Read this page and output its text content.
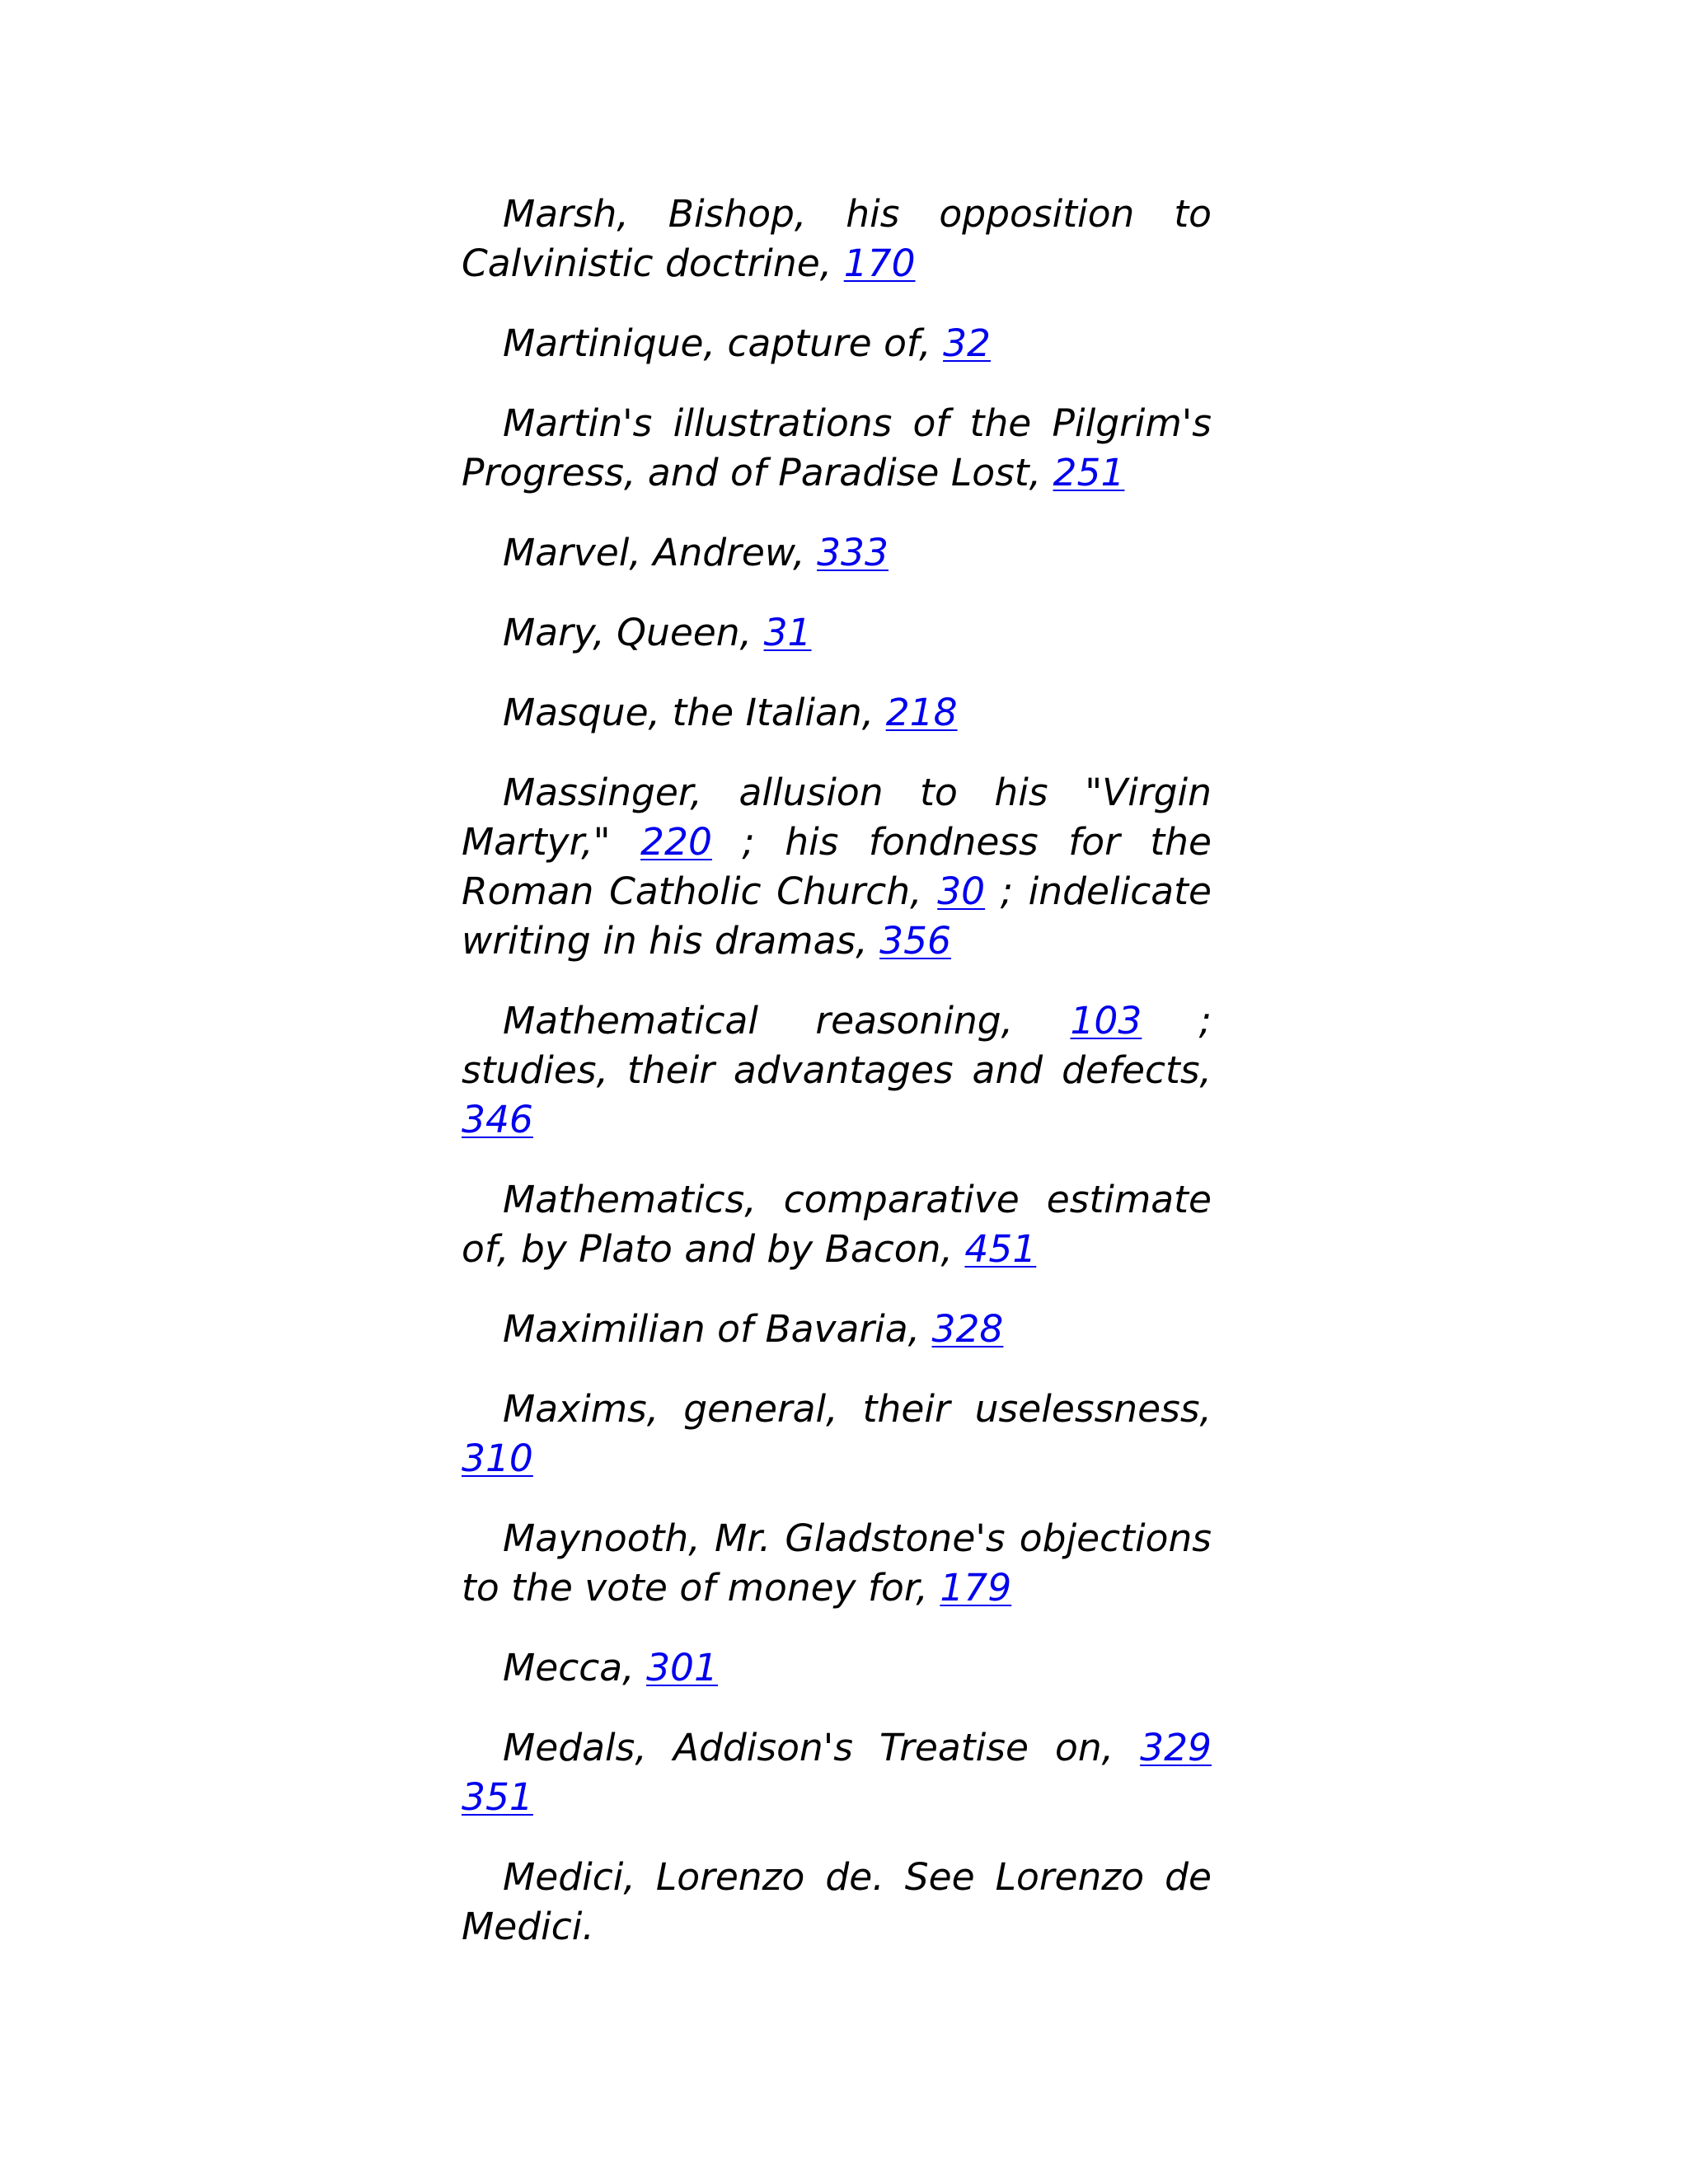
Marsh, Bishop, his opposition to Calvinistic doctrine, 170

Martinique, capture of, 32

Martin's illustrations of the Pilgrim's Progress, and of Paradise Lost, 251

Marvel, Andrew, 333

Mary, Queen, 31

Masque, the Italian, 218

Massinger, allusion to his "Virgin Martyr," 220 ; his fondness for the Roman Catholic Church, 30 ; indelicate writing in his dramas, 356

Mathematical reasoning, 103 ; studies, their advantages and defects, 346

Mathematics, comparative estimate of, by Plato and by Bacon, 451

Maximilian of Bavaria, 328

Maxims, general, their uselessness, 310

Maynooth, Mr. Gladstone's objections to the vote of money for, 179

Mecca, 301

Medals, Addison's Treatise on, 329 351

Medici, Lorenzo de. See Lorenzo de Medici.
